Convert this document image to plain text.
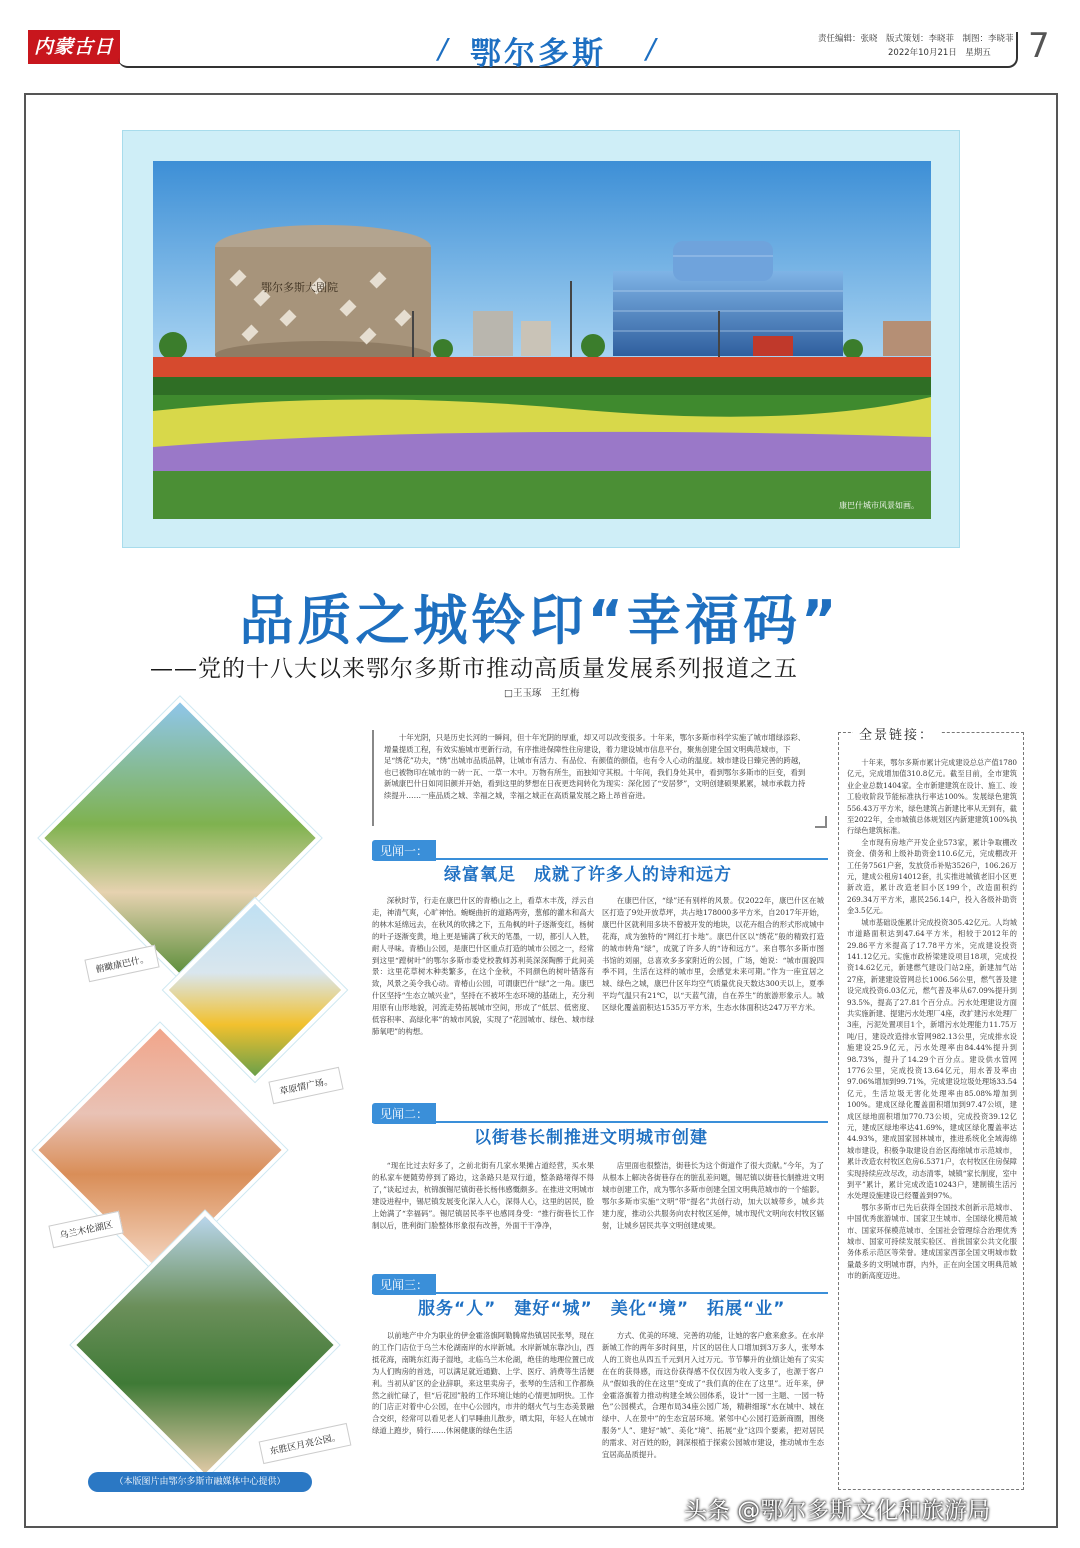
内蒙古日报
/ 鄂尔多斯 /	责任编辑：张晓　版式策划：李晓菲　制图：李晓菲
2022年10月21日　星期五	7
鄂尔多斯大剧院
康巴什城市风景如画。
品质之城铃印“幸福码”
——党的十八大以来鄂尔多斯市推动高质量发展系列报道之五
□王玉琢　王红梅
俯瞰康巴什。
草原情广场。
乌兰木伦湖区
东胜区月亮公园。
（本版图片由鄂尔多斯市融媒体中心提供）
十年光阴，只是历史长河的一瞬间，但十年光阴的厚重，却又可以改变很多。十年来，鄂尔多斯市科学实施了城市增绿添彩、增量提质工程，有效实施城市更新行动，有序推进保障性住房建设，着力建设城市信息平台，聚焦创建全国文明典范城市，下足“绣花”功夫，“绣”出城市品质品牌，让城市有活力、有品位、有颜值的颜值，也有令人心动的温度。城市建设日臻完善的跨越，也已被物印在城市的一砖一瓦、一草一木中。万物有所生，而独知守其根。十年间，我们身处其中，看到鄂尔多斯市的巨变，看到新城康巴什日如同旧颜并开始，看到这里的梦想在日夜更迭间转化为现实：深化园了“安居梦”，文明创建硕果累累，城市承载力持续提升……一座品质之城、幸福之城，幸福之城正在高质量发展之路上昂首奋进。
见闻一：
绿富氧足　成就了许多人的诗和远方

深秋时节，行走在康巴什区的青椿山之上，看草木丰茂，浮云自走，神清气爽，心旷神怡。蜿蜒曲折的道路两旁，葱郁的灌木和高大的林木延绵远去，在秋风的吹拂之下，五角枫的叶子逐渐变红，杨树的叶子逐渐变黄，地上更是铺满了秋天的笔墨，一切，都引人入胜，耐人寻味。青椿山公园，是康巴什区重点打造的城市公园之一，经常到这里“蹚树叶”的鄂尔多斯市委党校教师苏利英深深陶醉于此间美景：这里花草树木种类繁多，在这个金秋，不同颜色的树叶错落有致，风景之美令我心动。青椿山公园，可谓康巴什“绿”之一角。康巴什区坚持“生态立城兴业”，坚持在不被坏生态环境的基础上，充分利用原有山形地貌，河流走势拓展城市空间，形成了“低层、低密度、低容积率、高绿化率”的城市风貌，实现了“花园城市、绿色、城市绿肺氧吧”的构想。

在康巴什区，“绿”还有别样的风景。仅2022年，康巴什区在城区打造了9处开放草坪，共占地178000多平方米，自2017年开始，康巴什区就利用多块不曾被开发的地块，以花卉组合的形式形成城中花海，成为独特的“网红打卡地”。康巴什区以“绣花”般的精致打造的城市转角“绿”，成就了许多人的“诗和远方”。来自鄂尔多斯市图书馆的刘丽，总喜欢多多家附近的公园，广场，她说：“城市面貌四季不同，生活在这样的城市里，会感觉未来可期。”作为一座宜居之城、绿色之城，康巴什区年均空气质量优良天数达300天以上，夏季平均气温只有21℃，以“天蓝气清，自在养生”的旅游形象示人。城区绿化覆盖面积达1535万平方米，生态水体面积达247万平方米。

见闻二：
以街巷长制推进文明城市创建

“现在比过去好多了，之前北街有几家水果摊占道经营，买水果的私家车便随势停到了路边，这条路只是双行道，整条路堵得不得了，”谈起过去，杭锦旗锡尼镇街巷长杨伟感慨颇多。在推进文明城市建设进程中，锡尼镇发展变化深入人心，深得人心，这里的居民，脸上始满了“幸福码”。锡尼镇居民李平也感同身受：“推行街巷长工作制以后，胜利街门脸整体形象很有改善，外面干干净净，

店里面也很整洁，街巷长为这个街道作了很大贡献。”今年，为了从根本上解决各街巷存在的脏乱差问题，锡尼镇以街巷长制推进文明城市创建工作，成为鄂尔多斯市创建全国文明典范城市的一个缩影。鄂尔多斯市实施“文明”带“提名”共创行动，加大以城带乡，城乡共建力度，推动公共服务向农村牧区延伸，城市现代文明向农村牧区辐射，让城乡居民共享文明创建成果。

见闻三：
服务“人”　建好“城”　美化“境”　拓展“业”

以前地产中介为职业的伊金霍洛旗阿勒腾席热镇居民张琴，现在的工作门店位于乌兰木伦湖南岸的水岸新城。水岸新城东靠沙山，西抵花海，南眺东红海子湿地，北临乌兰木伦湖，绝佳的地理位置已成为人们购房的首选，可以满足就近通勤、上学、医疗、消费等生活便利。当初从矿区的企业辞职，来这里卖房子，张琴的生活和工作都焕然之前忙碌了，但“后花园”般的工作环境让她的心情更加明快。工作的门店正对着中心公园，在中心公园内，市井的烟火气与生态美景融合交织，经常可以看见老人们早睡曲儿散步，晒太阳，年轻人在城市绿道上跑步，骑行……休闲健康的绿色生活

方式、优美的环境、完善的功能，让她的客户愈来愈多。在水岸新城工作的两年多时间里，片区的居住人口增加到3万多人，张琴本人的工资也从四五千元到月入过万元。节节攀升的业绩让她有了实实在在的获得感，而这份获得感不仅仅因为收入变多了，也源于客户从“假如我的住在这里”变成了“我们真的住在了这里”。近年来，伊金霍洛旗着力推动构建全域公园体系，设计“一园一主题、一园一特色”公园模式，合理布局34座公园广场，精耕细琢“水在城中、城在绿中、人在景中”的生态宜居环境。紧邻中心公园打造新商圈，围绕服务“人”、建好“城”、美化“境”、拓展“业”这四个要素，把对居民的需求、对百姓的盼，洞深根植于探索公园城市建设，推动城市生态宜居高品质提升。

全景链接：

十年来，鄂尔多斯市累计完成建设总总产值1780亿元，完成增加值310.8亿元。截至目前，全市建筑业企业总数1404家。全市新建建筑在设计、施工、竣工验收阶段节能标准执行率达100%。发展绿色建筑556.43万平方米，绿色建筑占新建比率从无到有，截至2022年，全市城镇总体规划区内新建建筑100%执行绿色建筑标准。

全市现有房地产开发企业573家，累计争取棚改资金、债务和上级补助资金110.6亿元，完成棚改开工任务7561户套，发放货币补贴3526户，106.26万元，建成公租房14012套，扎实推进城镇老旧小区更新改造，累计改造老旧小区199个，改造面积约269.34万平方米，惠民256.14户，投入各级补助资金3.5亿元。

城市基础设施累计完成投资305.42亿元。人均城市道路面积达到47.64平方米，相较于2012年的29.86平方米提高了17.78平方米，完成建设投资141.12亿元。实施市政桥梁建设项目18项，完成投资14.62亿元，新建燃气建设门站2座，新建加气站27座，新建建设管网总长1006.56公里，燃气普及建设完成投资6.03亿元，燃气普及率从67.09%提升到93.5%，提高了27.81个百分点。污水处理建设方面共实施新建、提建污水处理厂4座，改扩建污水处理厂3座，污泥处置项目1个，新增污水处理能力11.75万吨/日，建设改造排水管网982.13公里，完成排水设施建设25.9亿元，污水处理率由84.44%提升到98.73%，提升了14.29个百分点。建设供水管网1776公里，完成投资13.64亿元，用水普及率由97.06%增加到99.71%，完成建设垃圾处理场33.54亿元，生活垃圾无害化处理率由85.08%增加到100%。建成区绿化覆盖面积增加到97.47公顷，建成区绿地面积增加770.73公顷，完成投资39.12亿元，建成区绿地率达41.69%，建成区绿化覆盖率达44.93%，建成国家园林城市，推进系统化全域海绵城市建设，积极争取建设自治区海绵城市示范城市，累计改造农村牧区危房6.5371户，农村牧区住房保障实现持续应改尽改，动态清零，城镇“家长制度，室中到平”累计，累计完成改造10243户，建制镇生活污水处理设施建设已经覆盖到97%。

鄂尔多斯市已先后获得全国技术创新示范城市、中国优秀旅游城市、国家卫生城市、全国绿化模范城市、国家环保模范城市、全国社会管理综合治理优秀城市、国家可持续发展实验区、首批国家公共文化服务体系示范区等荣誉。建成国家西部全国文明城市数量最多的文明城市群，内外，正在向全国文明典范城市的新高度迈进。

头条 @鄂尔多斯文化和旅游局
